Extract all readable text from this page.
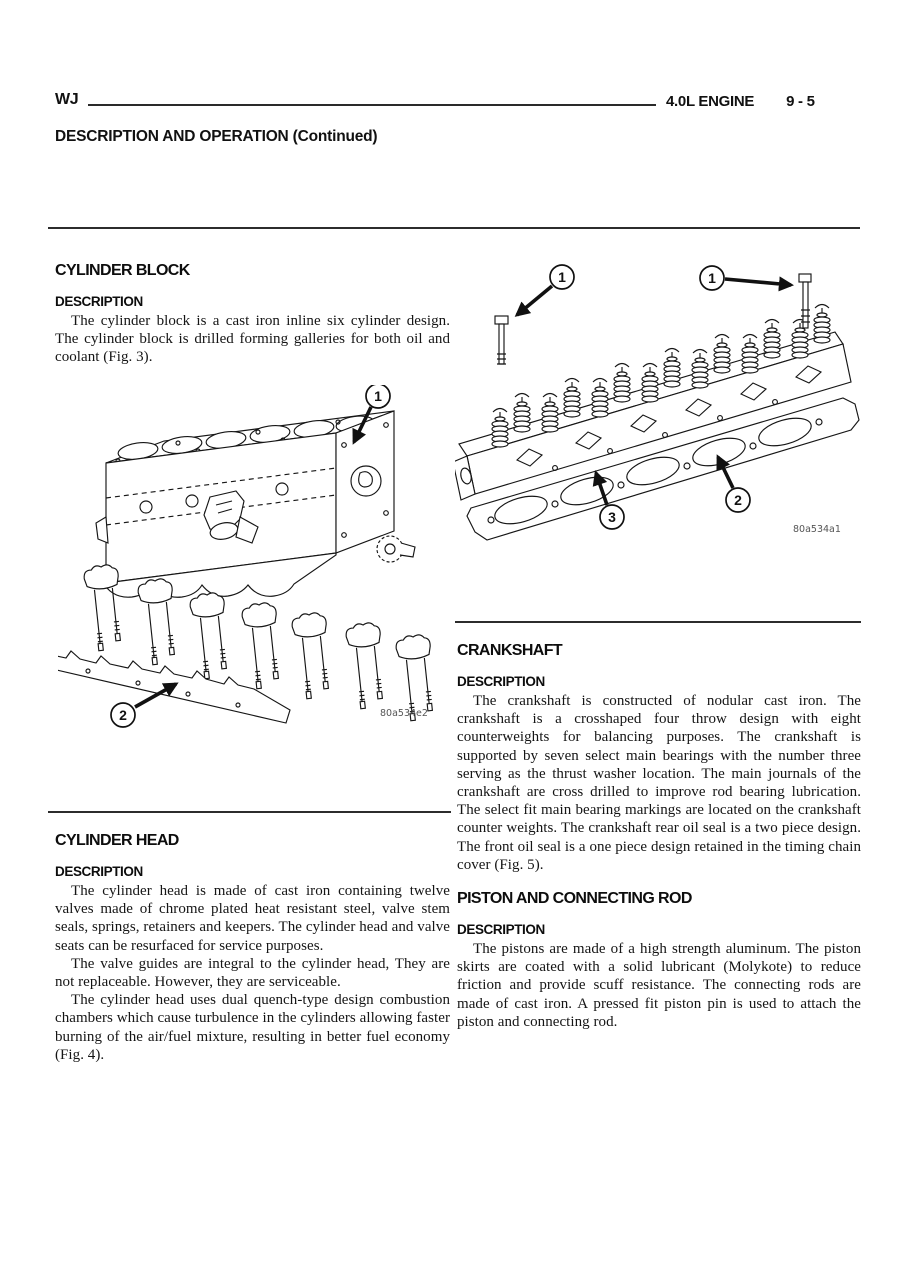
WJ	4.0L ENGINE 9 - 5
DESCRIPTION AND OPERATION (Continued)
CYLINDER BLOCK
DESCRIPTION

The cylinder block is a cast iron inline six cylinder design. The cylinder block is drilled forming galleries for both oil and coolant (Fig. 3).

1
2	80a534e2
CYLINDER HEAD
DESCRIPTION

The cylinder head is made of cast iron containing twelve valves made of chrome plated heat resistant steel, valve stem seals, springs, retainers and keepers. The cylinder head and valve seats can be resurfaced for service purposes.

The valve guides are integral to the cylinder head, They are not replaceable. However, they are serviceable.

The cylinder head uses dual quench-type design combustion chambers which cause turbulence in the cylinders allowing faster burning of the air/fuel mixture, resulting in better fuel economy (Fig. 4).

1	1
2
3
80a534a1
CRANKSHAFT
DESCRIPTION

The crankshaft is constructed of nodular cast iron. The crankshaft is a crosshaped four throw design with eight counterweights for balancing purposes. The crankshaft is supported by seven select main bearings with the number three serving as the thrust washer location. The main journals of the crankshaft are cross drilled to improve rod bearing lubrication. The select fit main bearing markings are located on the crankshaft counter weights. The crankshaft rear oil seal is a two piece design. The front oil seal is a one piece design retained in the timing chain cover (Fig. 5).

PISTON AND CONNECTING ROD
DESCRIPTION

The pistons are made of a high strength aluminum. The piston skirts are coated with a solid lubricant (Molykote) to reduce friction and provide scuff resistance. The connecting rods are made of cast iron. A pressed fit piston pin is used to attach the piston and connecting rod.
